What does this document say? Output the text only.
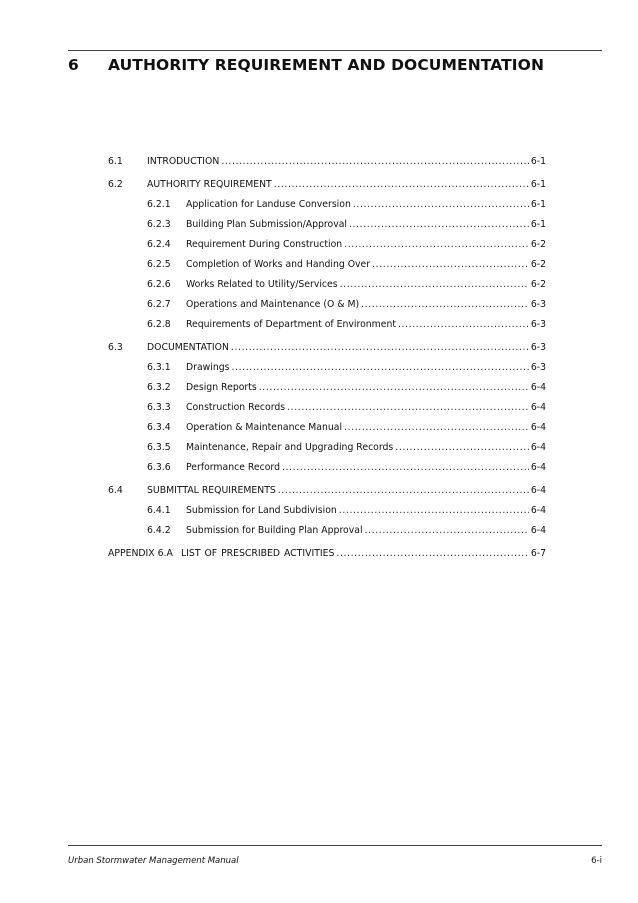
6 AUTHORITY REQUIREMENT AND DOCUMENTATION
6.1	INTRODUCTION .....	6-1
6.2	AUTHORITY REQUIREMENT .....	6-1
6.2.1 Application for Landuse Conversion .....	6-1
6.2.3 Building Plan Submission/Approval .....	6-1
6.2.4 Requirement During Construction .....	6-2
6.2.5 Completion of Works and Handing Over .....	6-2
6.2.6 Works Related to Utility/Services .....	6-2
6.2.7 Operations and Maintenance (O & M) .....	6-3
6.2.8 Requirements of Department of Environment .....	6-3
6.3	DOCUMENTATION .....	6-3
6.3.1 Drawings .....	6-3
6.3.2 Design Reports .....	6-4
6.3.3 Construction Records .....	6-4
6.3.4 Operation & Maintenance Manual .....	6-4
6.3.5 Maintenance, Repair and Upgrading Records .....	6-4
6.3.6 Performance Record .....	6-4
6.4	SUBMITTAL REQUIREMENTS .....	6-4
6.4.1 Submission for Land Subdivision .....	6-4
6.4.2 Submission for Building Plan Approval .....	6-4
APPENDIX 6.A LIST OF PRESCRIBED ACTIVITIES .....	6-7
Urban Stormwater Management Manual	6-i
